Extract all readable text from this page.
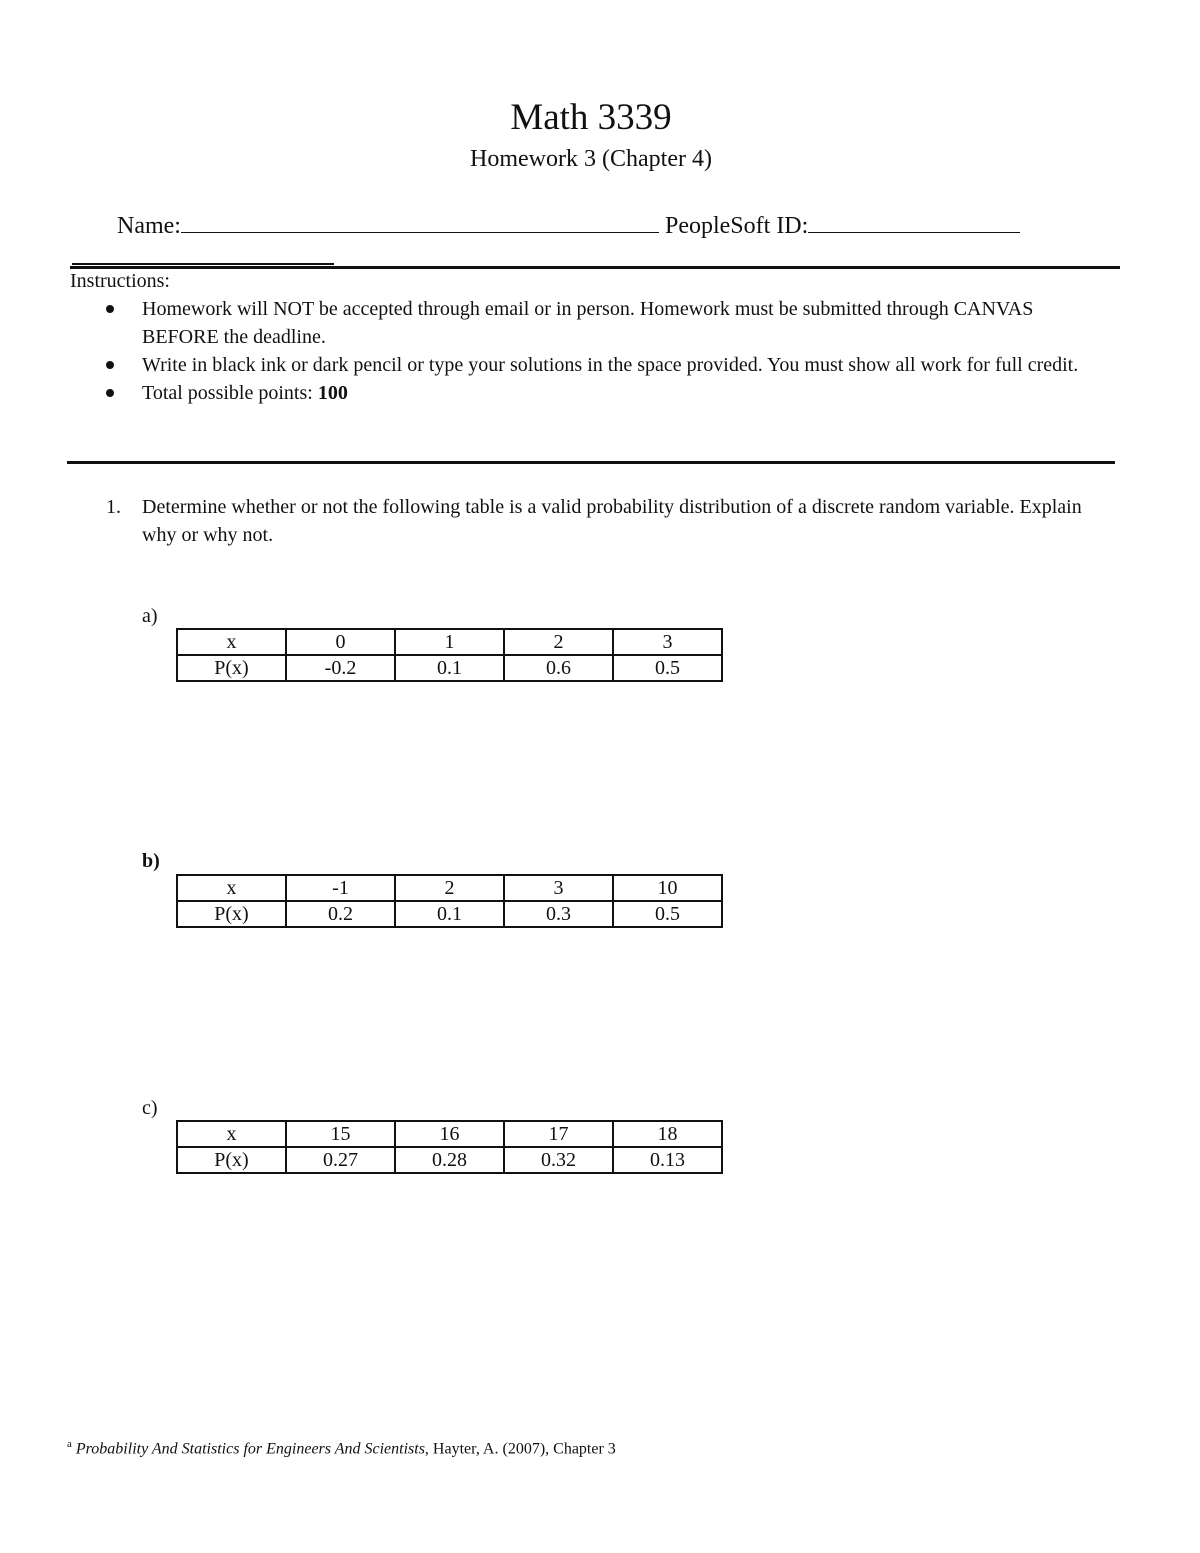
Math 3339
Homework 3 (Chapter 4)
Name:	PeopleSoft ID:
Instructions:
Homework will NOT be accepted through email or in person. Homework must be submitted through CANVAS BEFORE the deadline.
Write in black ink or dark pencil or type your solutions in the space provided. You must show all work for full credit.
Total possible points: 100
1. Determine whether or not the following table is a valid probability distribution of a discrete random variable. Explain why or why not.
a)
x	0	1	2	3
P(x)	-0.2	0.1	0.6	0.5
b)
x	-1	2	3	10
P(x)	0.2	0.1	0.3	0.5
c)
x	15	16	17	18
P(x)	0.27	0.28	0.32	0.13
$^a$ Probability And Statistics for Engineers And Scientists, Hayter, A. (2007), Chapter 3
